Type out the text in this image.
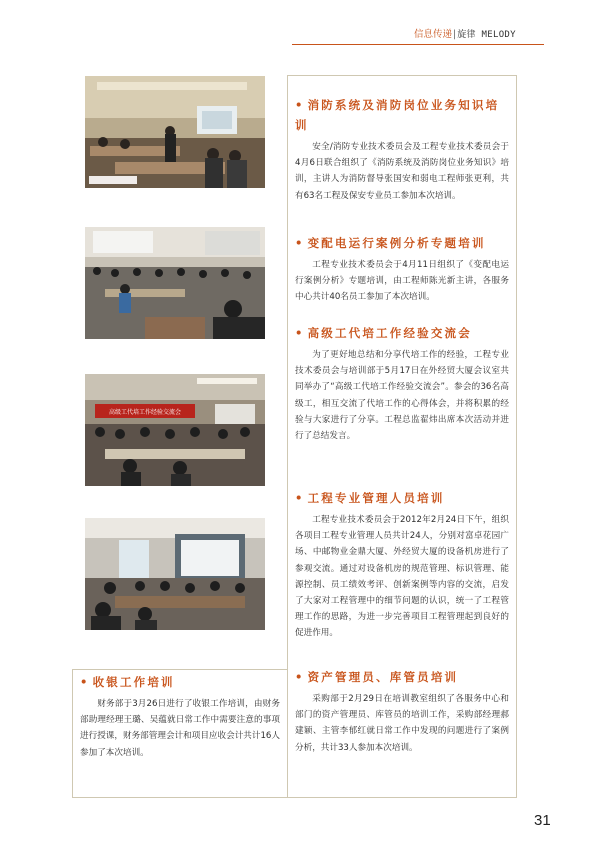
信息传递|旋律 MELODY
高级工代培工作经验交流会
• 消防系统及消防岗位业务知识培训
安全/消防专业技术委员会及工程专业技术委员会于4月6日联合组织了《消防系统及消防岗位业务知识》培训，主讲人为消防督导张国安和弱电工程师张更利，共有63名工程及保安专业员工参加本次培训。
• 变配电运行案例分析专题培训
工程专业技术委员会于4月11日组织了《变配电运行案例分析》专题培训，由工程师陈光新主讲，各服务中心共计40名员工参加了本次培训。
• 高级工代培工作经验交流会
为了更好地总结和分享代培工作的经验，工程专业技术委员会与培训部于5月17日在外经贸大厦会议室共同举办了“高级工代培工作经验交流会”。参会的36名高级工，相互交流了代培工作的心得体会，并将积累的经验与大家进行了分享。工程总监翟炜出席本次活动并进行了总结发言。
• 工程专业管理人员培训
工程专业技术委员会于2012年2月24日下午，组织各项目工程专业管理人员共计24人，分别对富卓花园广场、中邮物业金鼎大厦、外经贸大厦的设备机房进行了参观交流。通过对设备机房的规范管理、标识管理、能源控制、员工绩效考评、创新案例等内容的交流，启发了大家对工程管理中的细节问题的认识，统一了工程管理工作的思路，为进一步完善项目工程管理起到良好的促进作用。
• 资产管理员、库管员培训
采购部于2月29日在培训教室组织了各服务中心和部门的资产管理员、库管员的培训工作，采购部经理郝建颖、主管李郁红就日常工作中发现的问题进行了案例分析，共计33人参加本次培训。
• 收银工作培训
财务部于3月26日进行了收银工作培训，由财务部助理经理王璐、吴蕴就日常工作中需要注意的事项进行授课，财务部管理会计和项目应收会计共计16人参加了本次培训。
31
